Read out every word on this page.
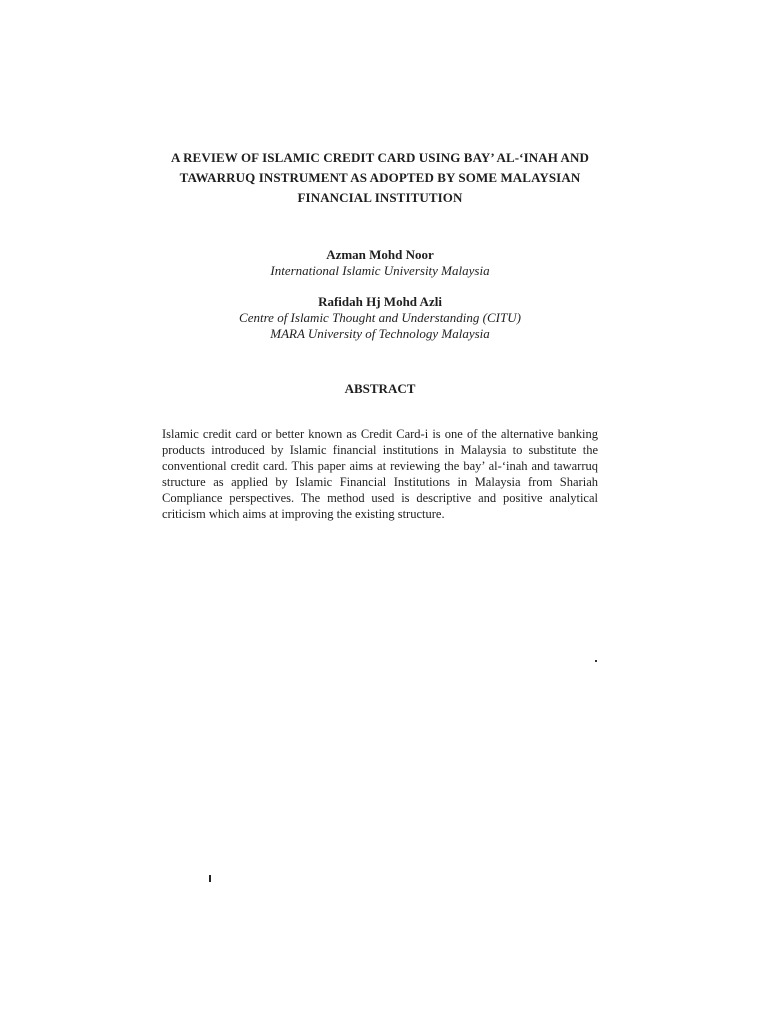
A REVIEW OF ISLAMIC CREDIT CARD USING BAY’ AL-‘INAH AND
TAWARRUQ INSTRUMENT AS ADOPTED BY SOME MALAYSIAN
FINANCIAL INSTITUTION
Azman Mohd Noor
International Islamic University Malaysia
Rafidah Hj Mohd Azli
Centre of Islamic Thought and Understanding (CITU)
MARA University of Technology Malaysia
ABSTRACT
Islamic credit card or better known as Credit Card-i is one of the alternative banking
products introduced by Islamic financial institutions in Malaysia to substitute the
conventional credit card. This paper aims at reviewing the bay’ al-‘inah and tawarruq
structure as applied by Islamic Financial Institutions in Malaysia from Shariah
Compliance perspectives. The method used is descriptive and positive analytical
criticism which aims at improving the existing structure.
